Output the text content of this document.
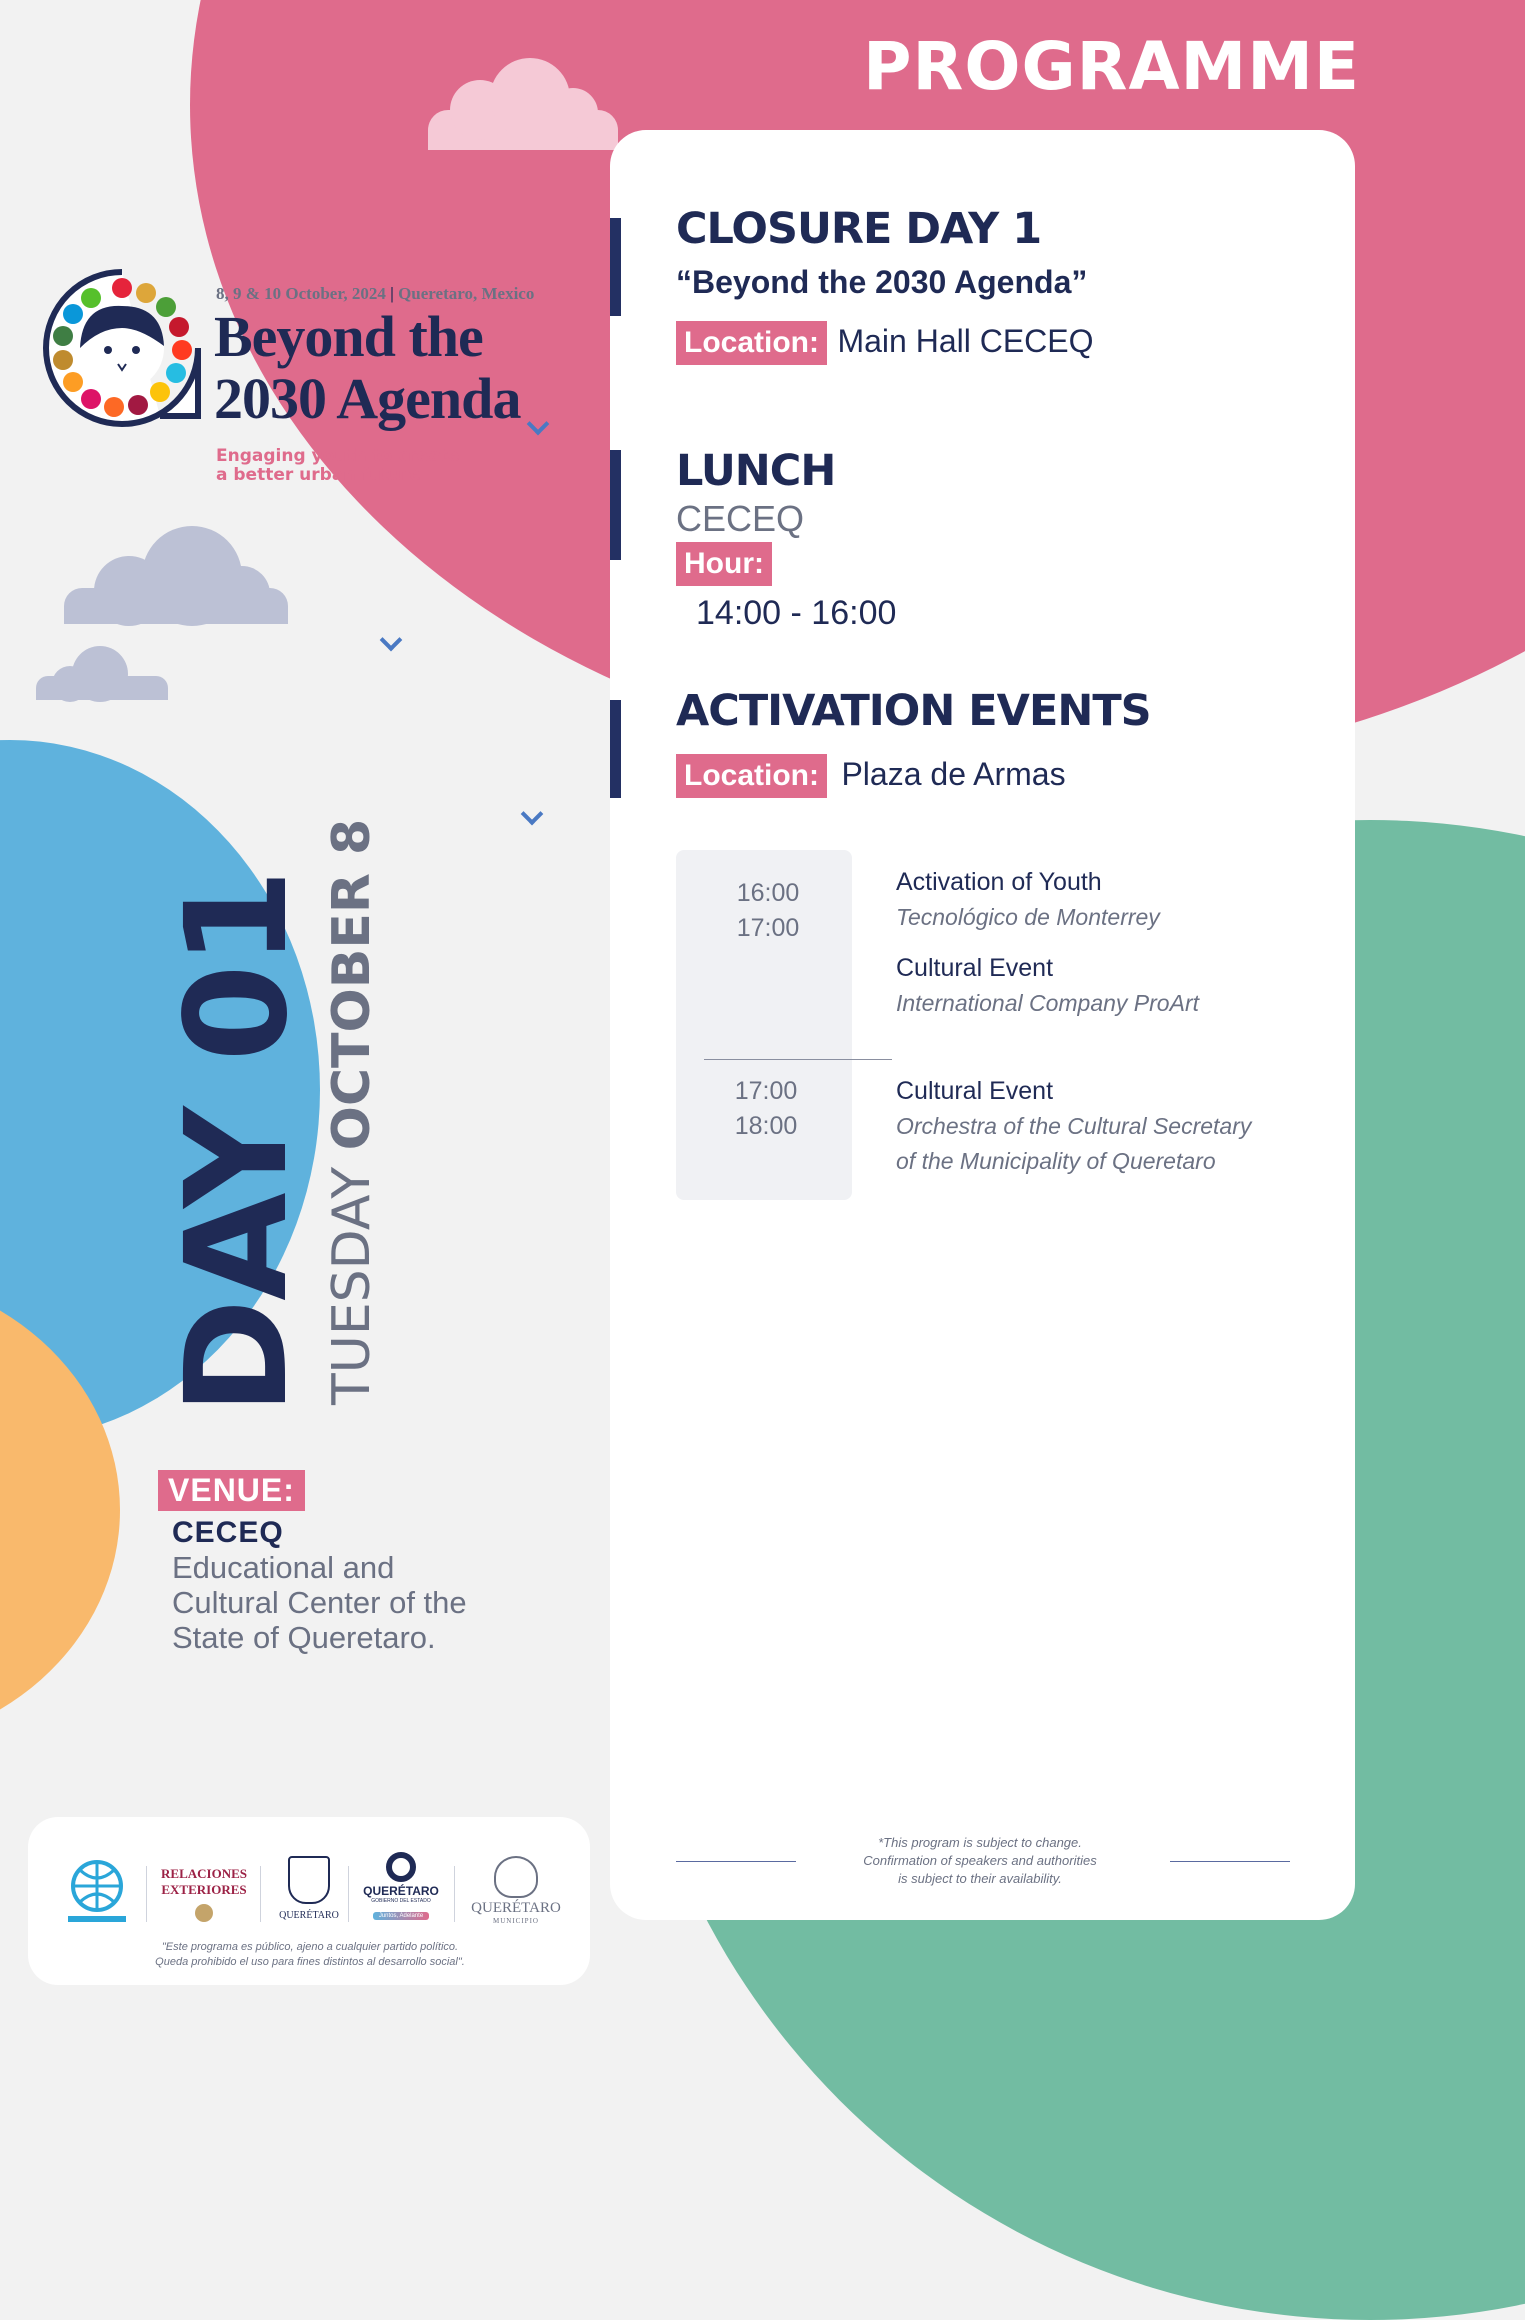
8, 9 & 10 October, 2024 | Queretaro, Mexico
Beyond the
2030 Agenda
Engaging youth to create
a better urban future
DAY 01 TUESDAY OCTOBER 8
VENUE:
CECEQ
Educational and Cultural Center of the State of Queretaro.
PROGRAMME
CLOSURE DAY 1
“Beyond the 2030 Agenda”
Location: Main Hall CECEQ
LUNCH
CECEQ
Hour:
14:00 - 16:00
ACTIVATION EVENTS
Location: Plaza de Armas
16:00
17:00
Activation of Youth
Tecnológico de Monterrey
Cultural Event
International Company ProArt
17:00
18:00
Cultural Event
Orchestra of the Cultural Secretary
of the Municipality of Queretaro
*This program is subject to change.
Confirmation of speakers and authorities
is subject to their availability.
RELACIONES
EXTERIORES
QUERÉTARO
QUERÉTARO
GOBIERNO DEL ESTADO
Juntos, Adelante	QUERÉTARO
MUNICIPIO
"Este programa es público, ajeno a cualquier partido político.
Queda prohibido el uso para fines distintos al desarrollo social".
